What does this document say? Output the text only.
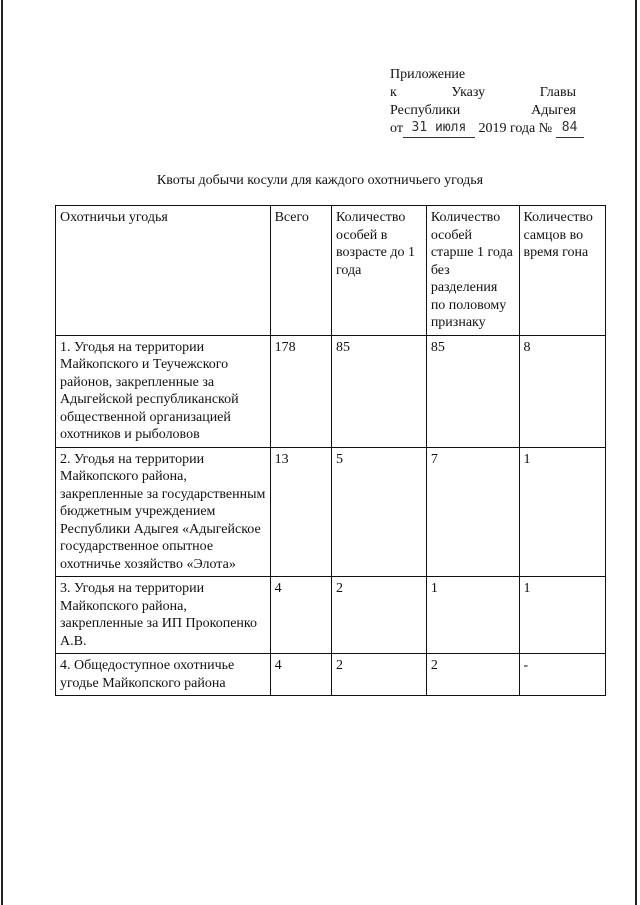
Приложение
к	Указу	Главы
Республики	Адыгея
от 31 июля 2019 года № 84
Квоты добычи косули для каждого охотничьего угодья
Охотничьи угодья	Всего	Количество особей в возрасте до 1 года	Количество особей старше 1 года без разделения по половому признаку	Количество самцов во время гона
1. Угодья на территории Майкопского и Теучежского районов, закрепленные за Адыгейской республиканской общественной организацией охотников и рыболовов	178	85	85	8
2. Угодья на территории Майкопского района, закрепленные за государственным бюджетным учреждением Республики Адыгея «Адыгейское государственное опытное охотничье хозяйство «Элота»	13	5	7	1
3. Угодья на территории Майкопского района, закрепленные за ИП Прокопенко А.В.	4	2	1	1
4. Общедоступное охотничье угодье Майкопского района	4	2	2	-
